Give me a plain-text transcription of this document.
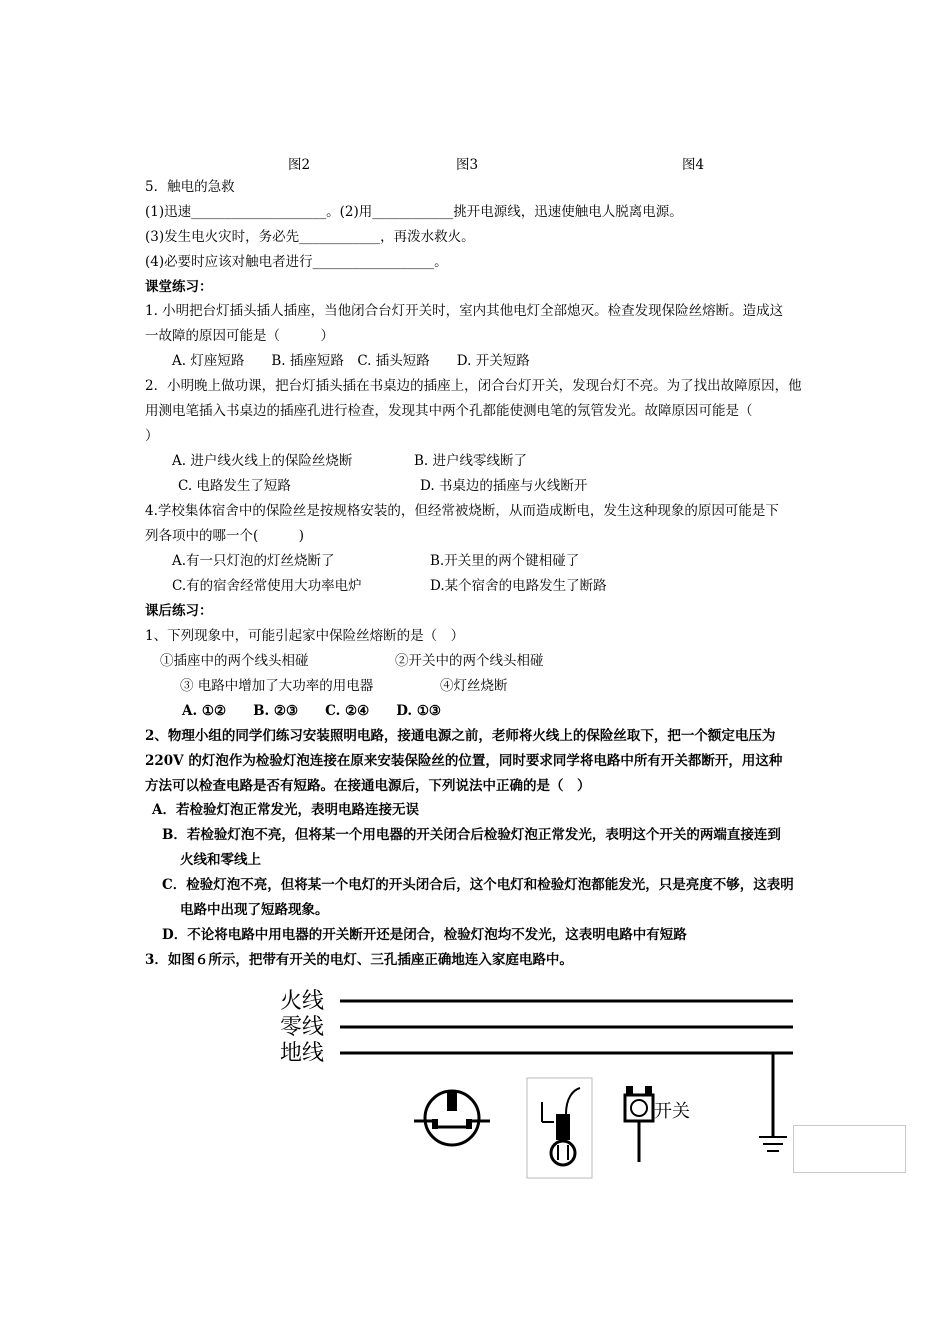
图2	图3	图4
5．触电的急救
(1)迅速____________________。(2)用____________挑开电源线，迅速使触电人脱离电源。
(3)发生电火灾时，务必先____________，再泼水救火。
(4)必要时应该对触电者进行__________________。
课堂练习：
1. 小明把台灯插头插人插座，当他闭合台灯开关时，室内其他电灯全部熄灭。检查发现保险丝熔断。造成这
一故障的原因可能是（　　　）
A. 灯座短路　　B. 插座短路　C. 插头短路　　D. 开关短路
2．小明晚上做功课，把台灯插头插在书桌边的插座上，闭合台灯开关，发现台灯不亮。为了找出故障原因，他
用测电笔插入书桌边的插座孔进行检查，发现其中两个孔都能使测电笔的氖管发光。故障原因可能是（
）
A. 进户线火线上的保险丝烧断	B. 进户线零线断了
C. 电路发生了短路	D. 书桌边的插座与火线断开
4.学校集体宿舍中的保险丝是按规格安装的，但经常被烧断，从而造成断电，发生这种现象的原因可能是下
列各项中的哪一个(　　　)
A.有一只灯泡的灯丝烧断了	B.开关里的两个键相碰了
C.有的宿舍经常使用大功率电炉	D.某个宿舍的电路发生了断路
课后练习：
1、下列现象中，可能引起家中保险丝熔断的是（　）
①插座中的两个线头相碰	②开关中的两个线头相碰
③ 电路中增加了大功率的用电器	④灯丝烧断
A. ①②　　B. ②③　　C. ②④　　D. ①③
2、物理小组的同学们练习安装照明电路，接通电源之前，老师将火线上的保险丝取下，把一个额定电压为
220V 的灯泡作为检验灯泡连接在原来安装保险丝的位置，同时要求同学将电路中所有开关都断开，用这种
方法可以检查电路是否有短路。在接通电源后，下列说法中正确的是（　）
A．若检验灯泡正常发光，表明电路连接无误
B．若检验灯泡不亮，但将某一个用电器的开关闭合后检验灯泡正常发光，表明这个开关的两端直接连到
火线和零线上
C．检验灯泡不亮，但将某一个电灯的开头闭合后，这个电灯和检验灯泡都能发光，只是亮度不够，这表明
电路中出现了短路现象。
D．不论将电路中用电器的开关断开还是闭合，检验灯泡均不发光，这表明电路中有短路
3．如图６所示，把带有开关的电灯、三孔插座正确地连入家庭电路中。
火线
零线
地线
开关
